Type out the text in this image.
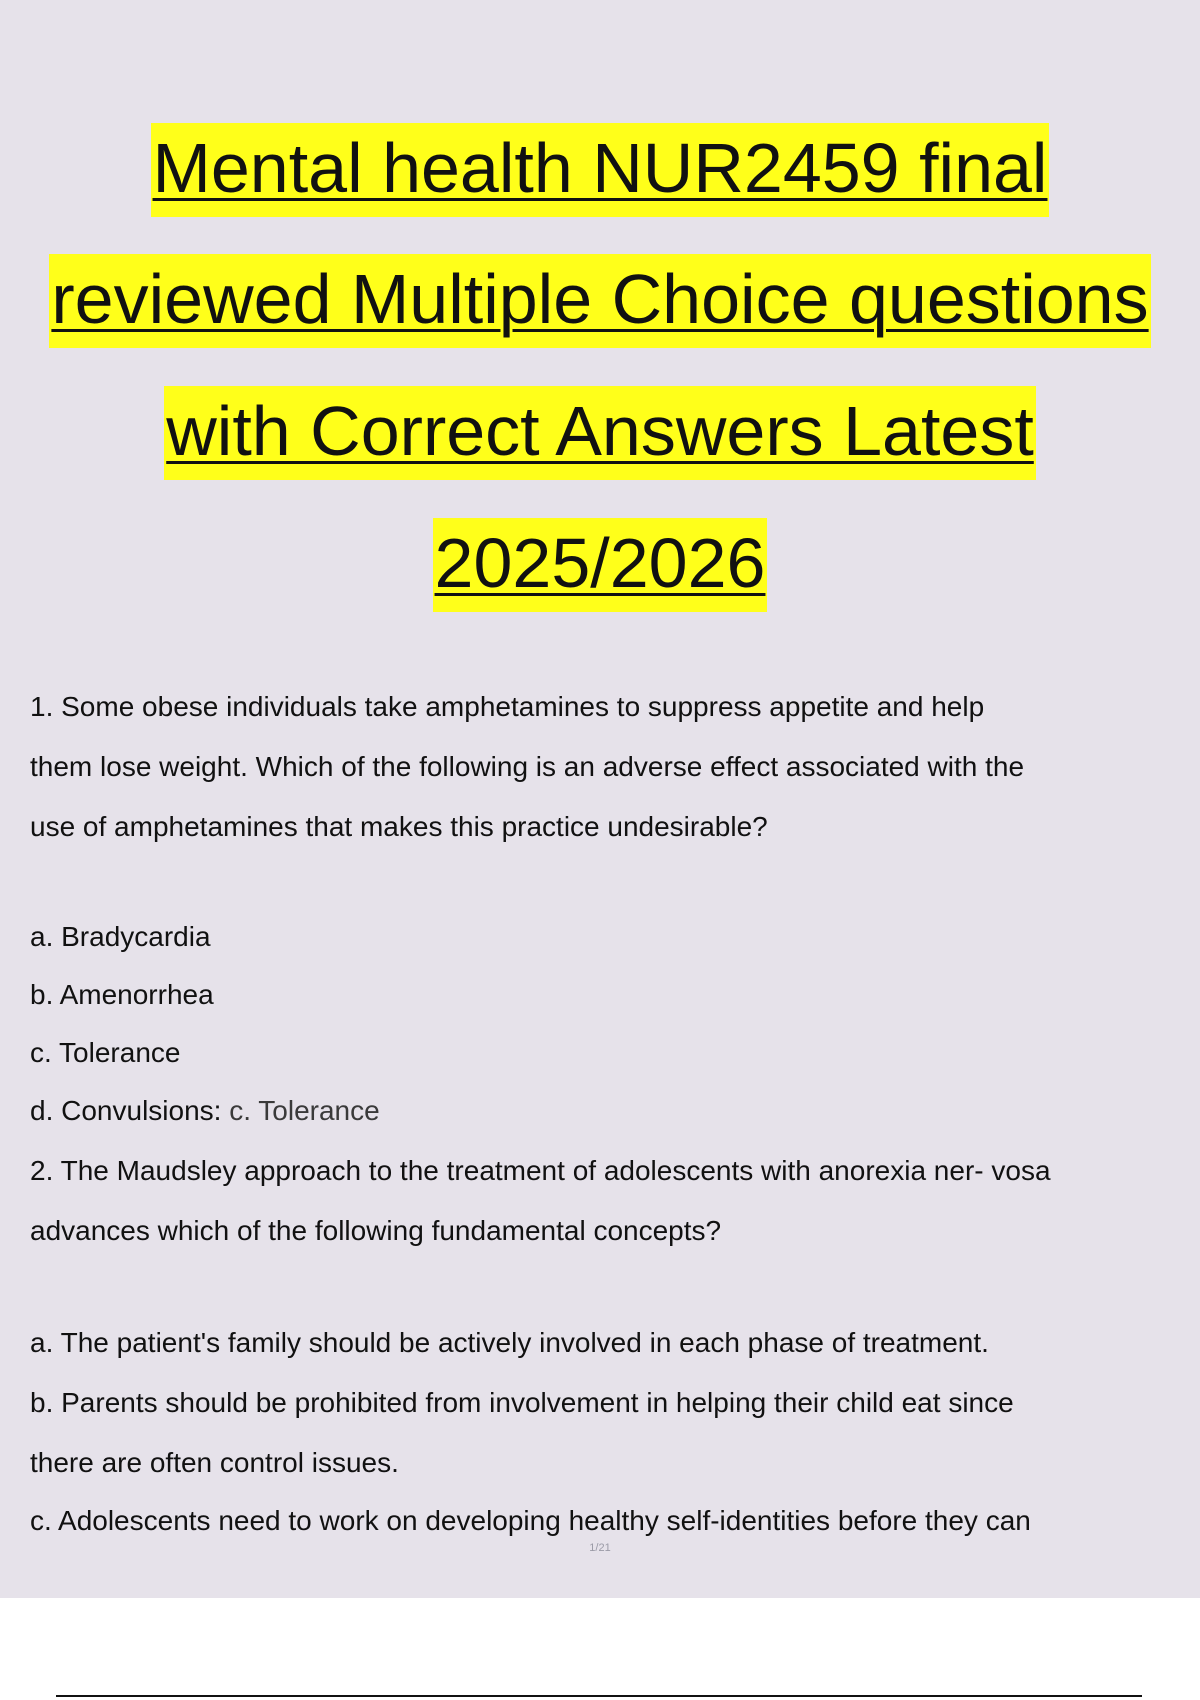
Mental health NUR2459 final
reviewed Multiple Choice questions
with Correct Answers Latest
2025/2026
1. Some obese individuals take amphetamines to suppress appetite and help
them lose weight. Which of the following is an adverse effect associated with the
use of amphetamines that makes this practice undesirable?
a. Bradycardia
b. Amenorrhea
c. Tolerance
d. Convulsions: c. Tolerance
2. The Maudsley approach to the treatment of adolescents with anorexia ner- vosa
advances which of the following fundamental concepts?
a. The patient's family should be actively involved in each phase of treatment.
b. Parents should be prohibited from involvement in helping their child eat since
there are often control issues.
c. Adolescents need to work on developing healthy self-identities before they can
1/21
